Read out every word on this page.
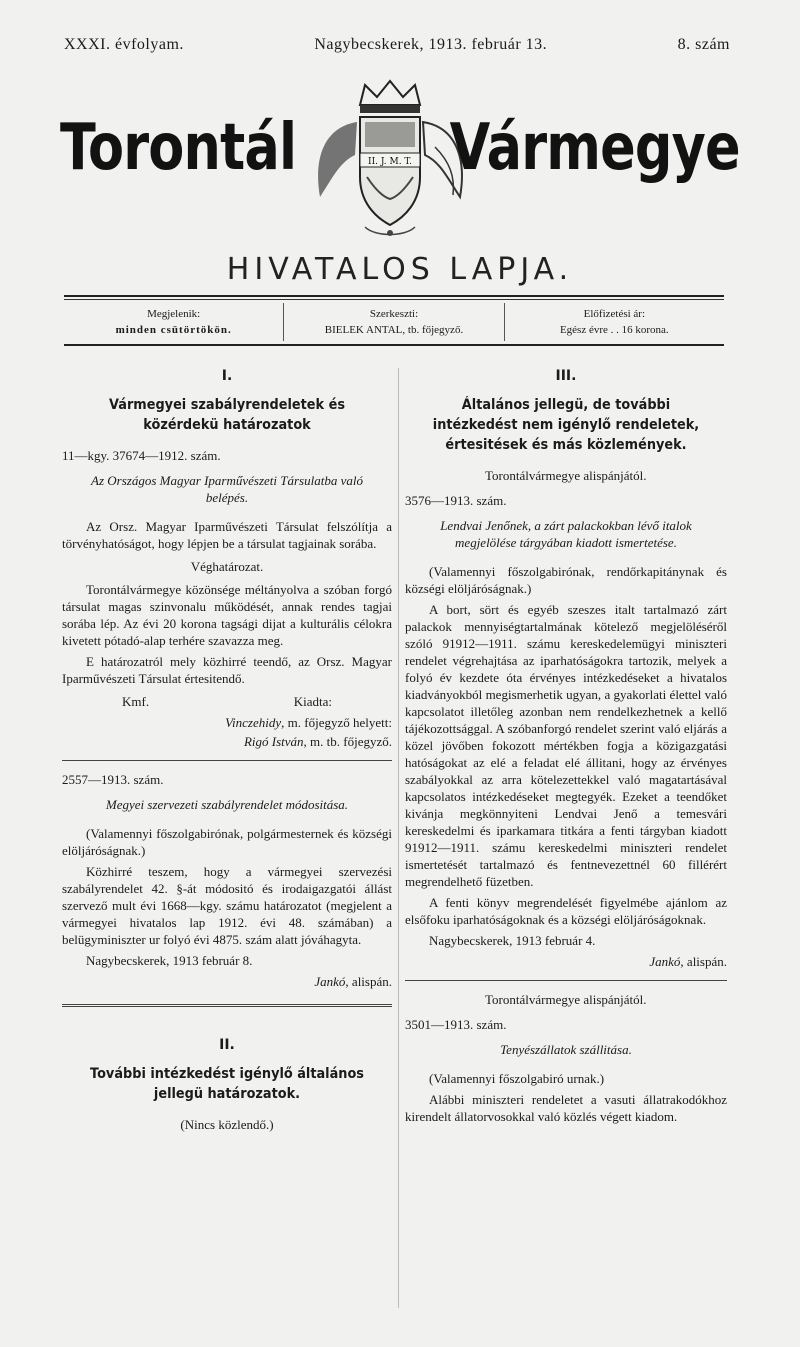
XXXI. évfolyam.	Nagybecskerek, 1913. február 13.	8. szám
Torontál	II. J. M. T. Vármegye
HIVATALOS LAPJA.
Megjelenik:
minden csütörtökön.
Szerkeszti:
BIELEK ANTAL, tb. főjegyző.
Előfizetési ár:
Egész évre . . 16 korona.
I.
Vármegyei szabályrendeletek és közérdekü határozatok
11—kgy. 37674—1912. szám.
Az Országos Magyar Iparművészeti Társulatba való belépés.

Az Orsz. Magyar Iparművészeti Társulat felszólítja a törvényhatóságot, hogy lépjen be a társulat tagjainak sorába.

Véghatározat.

Torontálvármegye közönsége méltányolva a szóban forgó társulat magas szinvonalu működését, annak rendes tagjai sorába lép. Az évi 20 korona tagsági dijat a kulturális célokra kivetett pótadó-alap terhére szavazza meg.

E határozatról mely közhirré teendő, az Orsz. Magyar Iparművészeti Társulat értesitendő.

Kmf.	Kiadta:
Vinczehidy, m. főjegyző helyett:
Rigó István, m. tb. főjegyző.
2557—1913. szám.
Megyei szervezeti szabályrendelet módositása.

(Valamennyi főszolgabirónak, polgármesternek és községi elöljáróságnak.)

Közhirré teszem, hogy a vármegyei szervezési szabályrendelet 42. §-át módositó és irodaigazgatói állást szervező mult évi 1668—kgy. számu határozatot (megjelent a vármegyei hivatalos lap 1912. évi 48. számában) a belügyminiszter ur folyó évi 4875. szám alatt jóváhagyta.

Nagybecskerek, 1913 február 8.

Jankó, alispán.
II.
További intézkedést igénylő általános jellegü határozatok.
(Nincs közlendő.)
III.
Általános jellegü, de további intézkedést nem igénylő rendeletek, értesitések és más közlemények.
Torontálvármegye alispánjától.
3576—1913. szám.
Lendvai Jenőnek, a zárt palackokban lévő italok megjelölése tárgyában kiadott ismertetése.

(Valamennyi főszolgabirónak, rendőrkapitánynak és községi elöljáróságnak.)

A bort, sört és egyéb szeszes italt tartalmazó zárt palackok mennyiségtartalmának kötelező megjelöléséről szóló 91912—1911. számu kereskedelemügyi miniszteri rendelet végrehajtása az iparhatóságokra tartozik, melyek a folyó év kezdete óta érvényes intézkedéseket a hivatalos kiadványokból megismerhetik ugyan, a gyakorlati élettel való kapcsolatot illetőleg azonban nem rendelkezhetnek a kellő tájékozottsággal. A szóbanforgó rendelet szerint való eljárás a közel jövőben fokozott mértékben fogja a közigazgatási hatóságokat az elé a feladat elé állitani, hogy az érvényes szabályokkal az arra kötelezettekkel való magatartásával kapcsolatos intézkedéseket megtegyék. Ezeket a teendőket kivánja megkönnyiteni Lendvai Jenő a temesvári kereskedelmi és iparkamara titkára a fenti tárgyban kiadott 91912—1911. számu kereskedelmi miniszteri rendelet ismertetését tartalmazó és fentnevezettnél 60 fillérért megrendelhető füzetben.

A fenti könyv megrendelését figyelmébe ajánlom az elsőfoku iparhatóságoknak és a községi elöljáróságoknak.

Nagybecskerek, 1913 február 4.

Jankó, alispán.
Torontálvármegye alispánjától.
3501—1913. szám.
Tenyészállatok szállitása.

(Valamennyi főszolgabiró urnak.)

Alábbi miniszteri rendeletet a vasuti állatrakodókhoz kirendelt állatorvosokkal való közlés végett kiadom.
